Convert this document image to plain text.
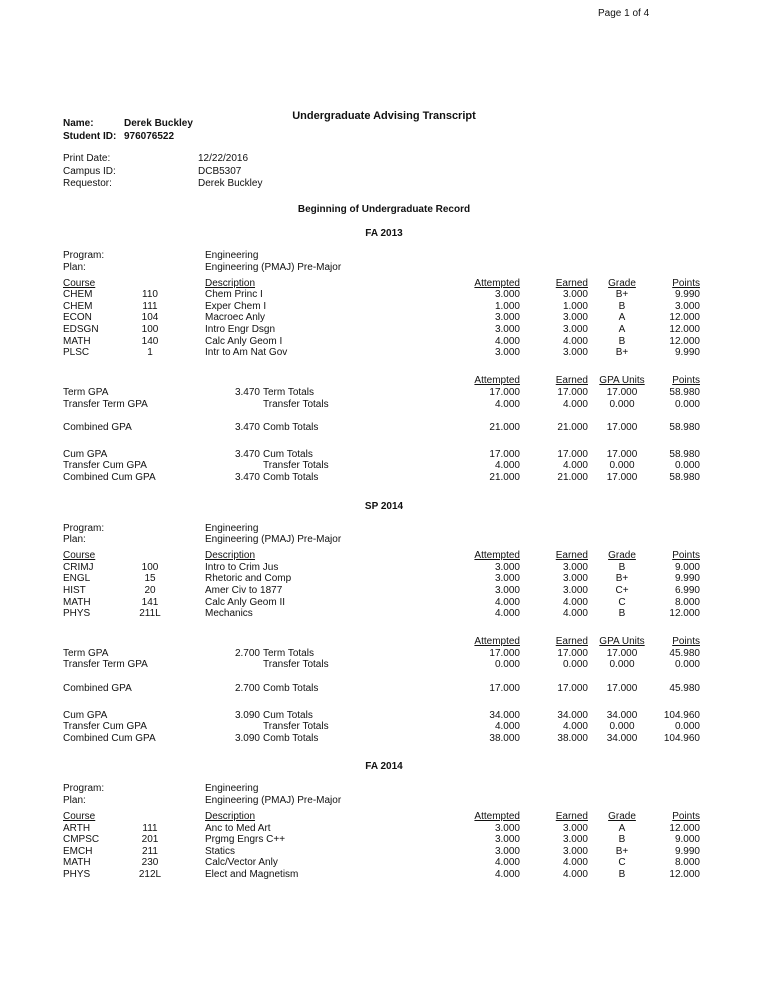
Page 1 of 4
Undergraduate Advising Transcript
Name:	Derek Buckley
Student ID: 976076522
Print Date:	12/22/2016
Campus ID:	DCB5307
Requestor:	Derek Buckley
Beginning of Undergraduate Record
FA 2013
Program:	Engineering
Plan:	Engineering (PMAJ) Pre-Major
Course	Description	Attempted	Earned	Grade	Points
CHEM	110	Chem Princ I	3.000	3.000	B+	9.990
CHEM	111	Exper Chem I	1.000	1.000	B	3.000
ECON	104	Macroec Anly	3.000	3.000	A	12.000
EDSGN	100	Intro Engr Dsgn	3.000	3.000	A	12.000
MATH	140	Calc Anly Geom I	4.000	4.000	B	12.000
PLSC	1	Intr to Am Nat Gov	3.000	3.000	B+	9.990
Attempted	Earned	GPA Units	Points
Term GPA	3.470 Term Totals	17.000	17.000	17.000	58.980
Transfer Term GPA	Transfer Totals	4.000	4.000	0.000	0.000
Combined GPA	3.470 Comb Totals	21.000	21.000	17.000	58.980
Cum GPA	3.470 Cum Totals	17.000	17.000	17.000	58.980
Transfer Cum GPA	Transfer Totals	4.000	4.000	0.000	0.000
Combined Cum GPA	3.470 Comb Totals	21.000	21.000	17.000	58.980
SP 2014
Program:	Engineering
Plan:	Engineering (PMAJ) Pre-Major
Course	Description	Attempted	Earned	Grade	Points
CRIMJ	100	Intro to Crim Jus	3.000	3.000	B	9.000
ENGL	15	Rhetoric and Comp	3.000	3.000	B+	9.990
HIST	20	Amer Civ to 1877	3.000	3.000	C+	6.990
MATH	141	Calc Anly Geom II	4.000	4.000	C	8.000
PHYS	211L	Mechanics	4.000	4.000	B	12.000
Attempted	Earned	GPA Units	Points
Term GPA	2.700 Term Totals	17.000	17.000	17.000	45.980
Transfer Term GPA	Transfer Totals	0.000	0.000	0.000	0.000
Combined GPA	2.700 Comb Totals	17.000	17.000	17.000	45.980
Cum GPA	3.090 Cum Totals	34.000	34.000	34.000	104.960
Transfer Cum GPA	Transfer Totals	4.000	4.000	0.000	0.000
Combined Cum GPA	3.090 Comb Totals	38.000	38.000	34.000	104.960
FA 2014
Program:	Engineering
Plan:	Engineering (PMAJ) Pre-Major
Course	Description	Attempted	Earned	Grade	Points
ARTH	111	Anc to Med Art	3.000	3.000	A	12.000
CMPSC	201	Prgmg Engrs C++	3.000	3.000	B	9.000
EMCH	211	Statics	3.000	3.000	B+	9.990
MATH	230	Calc/Vector Anly	4.000	4.000	C	8.000
PHYS	212L	Elect and Magnetism	4.000	4.000	B	12.000
